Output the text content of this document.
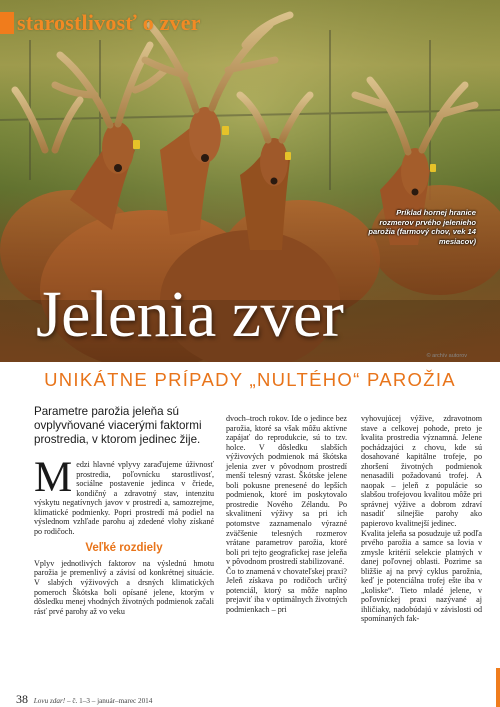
starostlivosť o zver
Príklad hornej hranice rozmerov prvého jelenieho parožia (farmový chov, vek 14 mesiacov)
Jelenia zver
© archív autorov
UNIKÁTNE PRÍPADY „NULTÉHO“ PAROŽIA
Parametre parožia jeleňa sú ovplyvňované viacerými faktormi prostredia, v ktorom jedinec žije.

Medzi hlavné vplyvy zaraďujeme úživnosť prostredia, poľovnícku starostlivosť, sociálne postavenie jedinca v čriede, kondičný a zdravotný stav, intenzitu výskytu negatívnych javov v prostredí a, samozrejme, klimatické podmienky. Popri prostredí má podiel na výslednom vzhľade parohu aj zdedené vlohy získané po rodičoch.

Veľké rozdiely

Vplyv jednotlivých faktorov na výslednú hmotu parožia je premenlivý a závisí od konkrétnej situácie. V slabých výživových a drsných klimatických pomeroch Škótska boli opísané jelene, ktorým v dôsledku menej vhodných životných podmienok začali rásť prvé parohy až vo veku

dvoch–troch rokov. Ide o jedince bez parožia, ktoré sa však môžu aktívne zapájať do reprodukcie, sú to tzv. holce. V dôsledku slabších výživových podmienok má škótska jelenia zver v pôvodnom prostredí menší telesný vzrast. Škótske jelene boli pokusne prenesené do lepších podmienok, ktoré im poskytovalo prostredie Nového Zélandu. Po skvalitnení výživy sa pri ich potomstve zaznamenalo výrazné zväčšenie telesných rozmerov vrátane parametrov parožia, ktoré boli pri tejto geografickej rase jeleňa v pôvodnom prostredí stabilizované.

Čo to znamená v chovateľskej praxi? Jeleň získava po rodičoch určitý potenciál, ktorý sa môže naplno prejaviť iba v optimálnych životných podmienkach – pri

vyhovujúcej výžive, zdravotnom stave a celkovej pohode, preto je kvalita prostredia významná. Jelene pochádzajúci z chovu, kde sú dosahované kapitálne trofeje, po zhoršení životných podmienok nenasadili požadovanú trofej. A naopak – jeleň z populácie so slabšou trofejovou kvalitou môže pri správnej výžive a dobrom zdraví nasadiť silnejšie parohy ako papierovo kvalitnejší jedinec.

Kvalita jeleňa sa posudzuje už podľa prvého parožia a samce sa lovia v zmysle kritérií selekcie platných v danej poľovnej oblasti. Pozrime sa bližšie aj na prvý cyklus parožnia, keď je potenciálna trofej ešte iba v „koliske“. Tieto mladé jelene, v poľovníckej praxi nazývané aj ihličiaky, nadobúdajú v závislosti od spomínaných fak-

38 Lovu zdar! – č. 1–3 – január–marec 2014
